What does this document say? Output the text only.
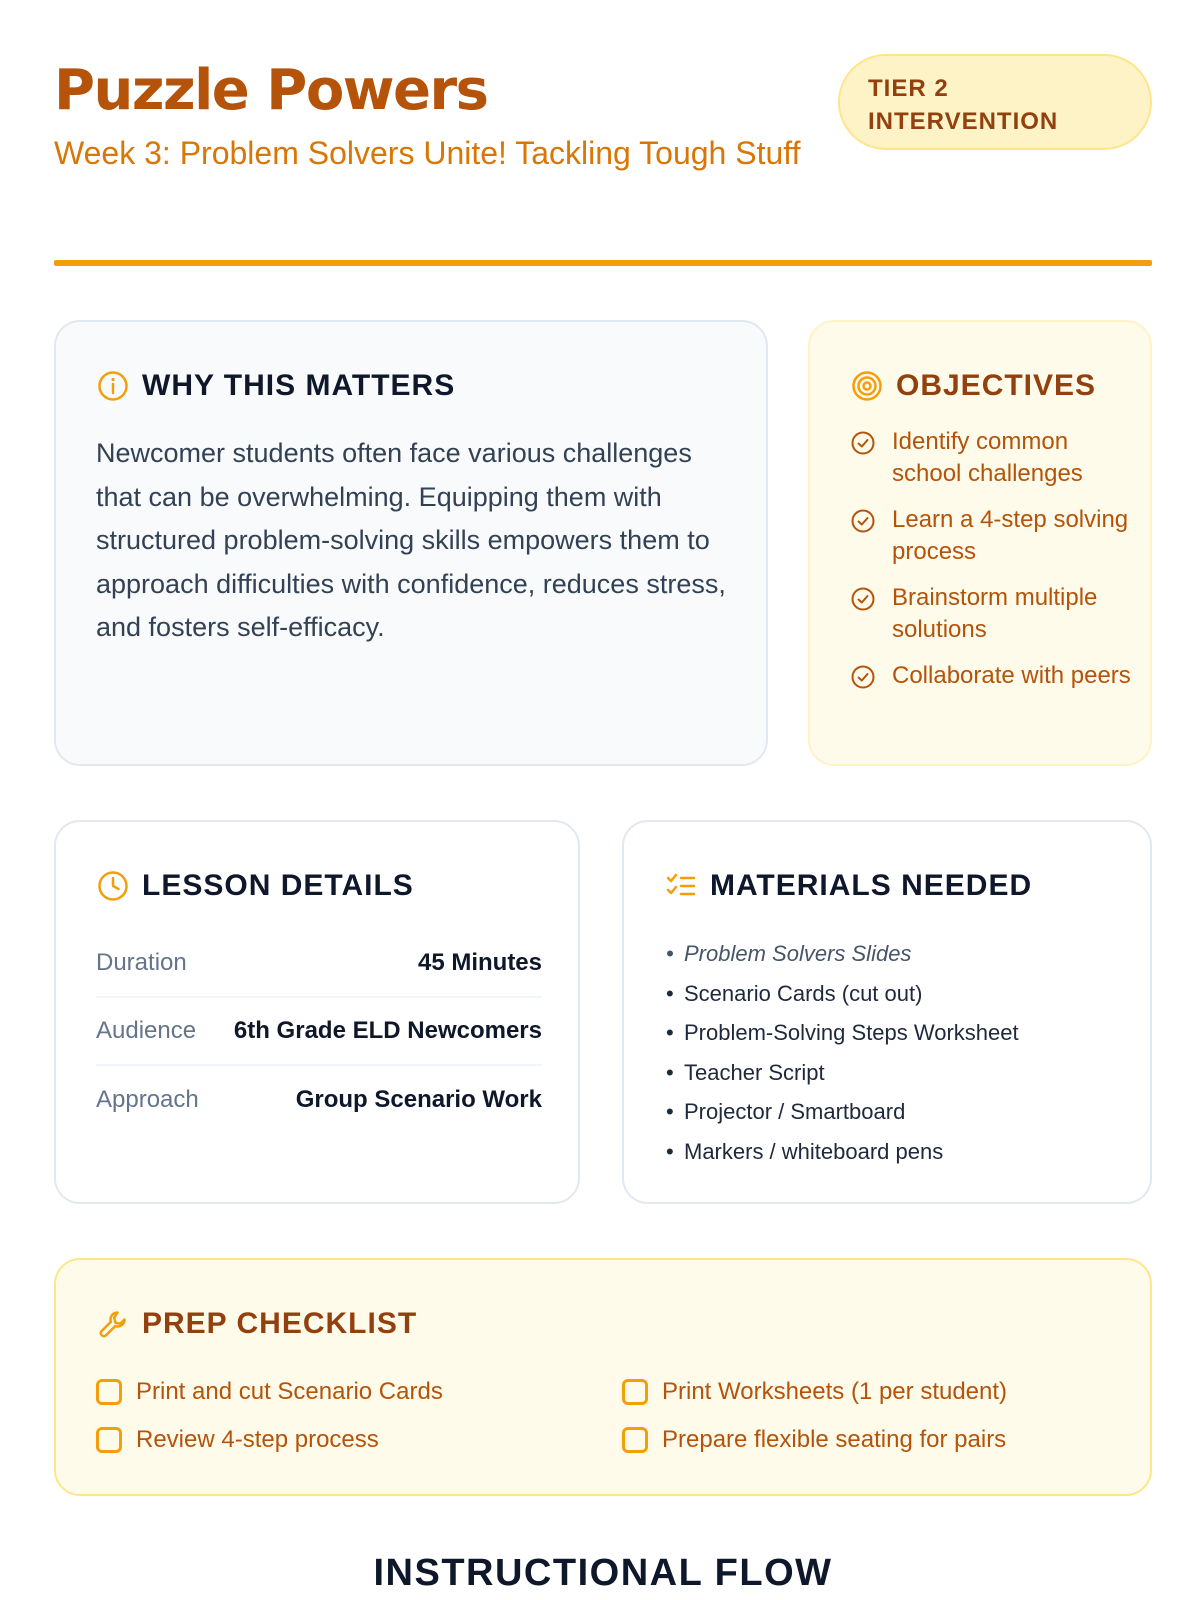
Puzzle Powers
Week 3: Problem Solvers Unite! Tackling Tough Stuff
TIER 2
INTERVENTION
WHY THIS MATTERS
Newcomer students often face various challenges that can be overwhelming. Equipping them with structured problem-solving skills empowers them to approach difficulties with confidence, reduces stress, and fosters self-efficacy.
OBJECTIVES
Identify common school challenges
Learn a 4-step solving process
Brainstorm multiple solutions
Collaborate with peers
LESSON DETAILS
Duration	45 Minutes
Audience 6th Grade ELD Newcomers
Approach	Group Scenario Work
MATERIALS NEEDED
• Problem Solvers Slides
• Scenario Cards (cut out)
• Problem-Solving Steps Worksheet
• Teacher Script
• Projector / Smartboard
• Markers / whiteboard pens
PREP CHECKLIST
Print and cut Scenario Cards	Print Worksheets (1 per student)
Review 4-step process	Prepare flexible seating for pairs
INSTRUCTIONAL FLOW
